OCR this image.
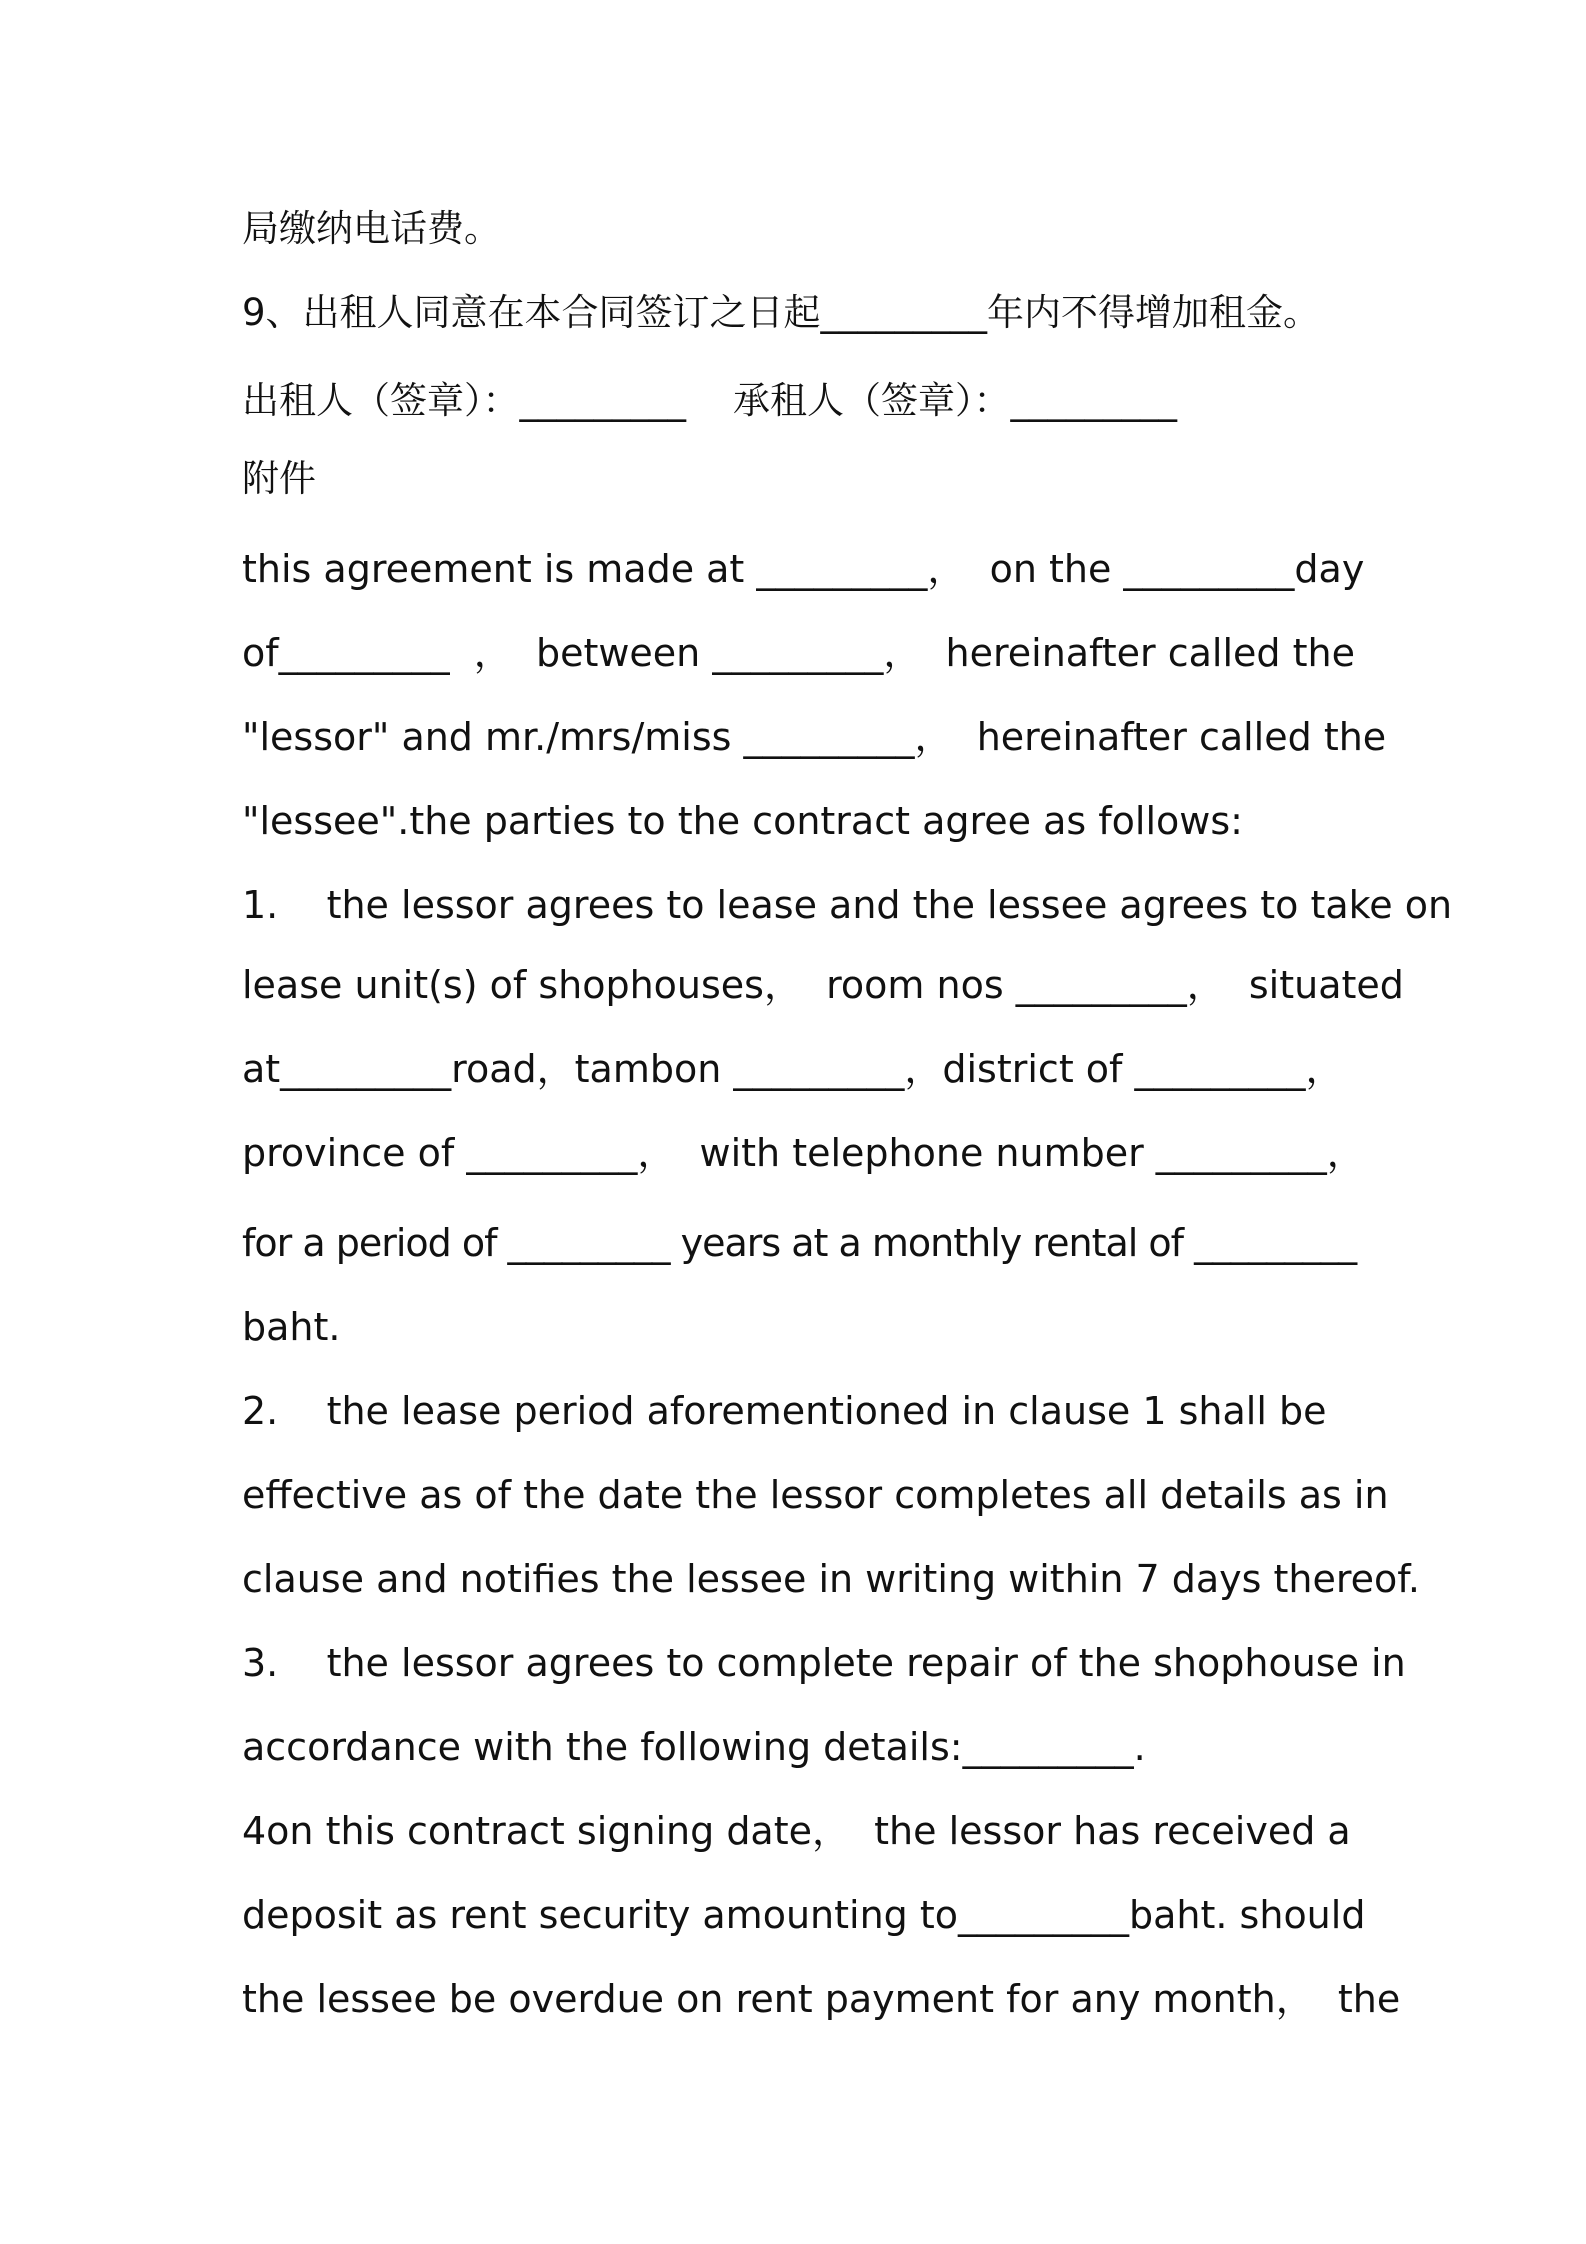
局缴纳电话费。
9、出租人同意在本合同签订之日起_________年内不得增加租金。
出租人（签章）：_________    承租人（签章）：_________
附件
this agreement is made at _________，  on the _________day
of_________  ，  between _________，  hereinafter called the
"lessor" and mr./mrs/miss _________，  hereinafter called the
"lessee".the parties to the contract agree as follows:
1.    the lessor agrees to lease and the lessee agrees to take on
lease unit(s) of shophouses，  room nos _________，  situated
at_________road，tambon _________，district of _________，
province of _________，  with telephone number _________，
for a period of _________ years at a monthly rental of _________
baht.
2.    the lease period aforementioned in clause 1 shall be
effective as of the date the lessor completes all details as in
clause and notifies the lessee in writing within 7 days thereof.
3.    the lessor agrees to complete repair of the shophouse in
accordance with the following details:_________.
4on this contract signing date，  the lessor has received a
deposit as rent security amounting to_________baht. should
the lessee be overdue on rent payment for any month，  the
